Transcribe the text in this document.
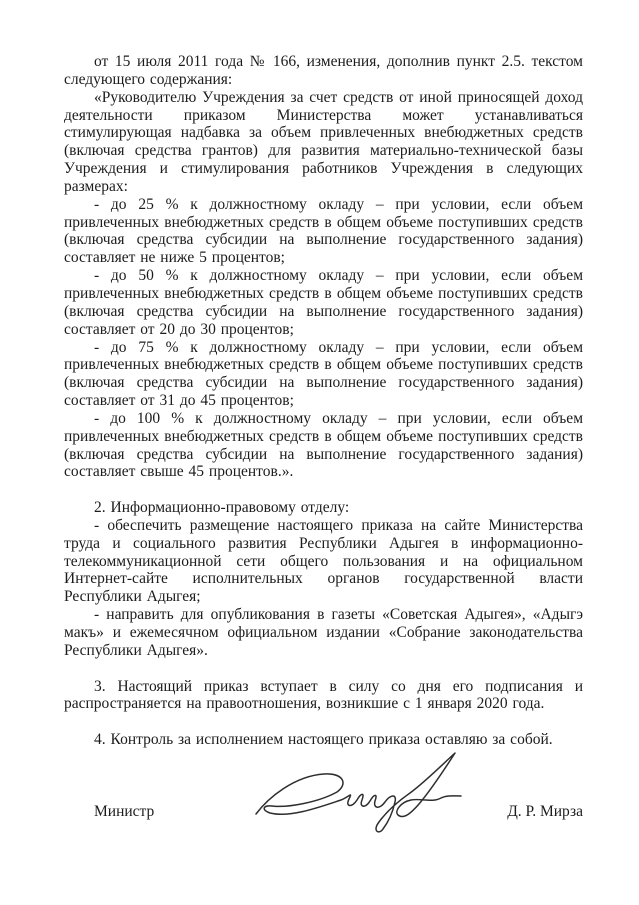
от 15 июля 2011 года № 166, изменения, дополнив пункт 2.5. текстом следующего содержания:

«Руководителю Учреждения за счет средств от иной приносящей доход деятельности приказом Министерства может устанавливаться стимулирующая надбавка за объем привлеченных внебюджетных средств (включая средства грантов) для развития материально-технической базы Учреждения и стимулирования работников Учреждения в следующих размерах:

- до 25 % к должностному окладу – при условии, если объем привлеченных внебюджетных средств в общем объеме поступивших средств (включая средства субсидии на выполнение государственного задания) составляет не ниже 5 процентов;

- до 50 % к должностному окладу – при условии, если объем привлеченных внебюджетных средств в общем объеме поступивших средств (включая средства субсидии на выполнение государственного задания) составляет от 20 до 30 процентов;

- до 75 % к должностному окладу – при условии, если объем привлеченных внебюджетных средств в общем объеме поступивших средств (включая средства субсидии на выполнение государственного задания) составляет от 31 до 45 процентов;

- до 100 % к должностному окладу – при условии, если объем привлеченных внебюджетных средств в общем объеме поступивших средств (включая средства субсидии на выполнение государственного задания) составляет свыше 45 процентов.».

2. Информационно-правовому отделу:

- обеспечить размещение настоящего приказа на сайте Министерства труда и социального развития Республики Адыгея в информационно-телекоммуникационной сети общего пользования и на официальном Интернет-сайте исполнительных органов государственной власти Республики Адыгея;

- направить для опубликования в газеты «Советская Адыгея», «Адыгэ макъ» и ежемесячном официальном издании «Собрание законодательства Республики Адыгея».

3. Настоящий приказ вступает в силу со дня его подписания и распространяется на правоотношения, возникшие с 1 января 2020 года.

4. Контроль за исполнением настоящего приказа оставляю за собой.

Министр	Д. Р. Мирза
